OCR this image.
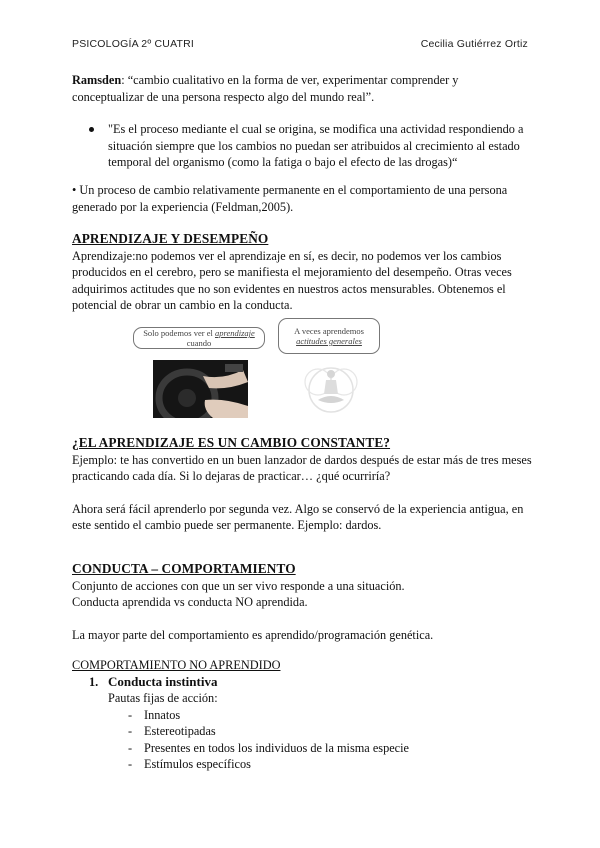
PSICOLOGÍA 2º CUATRI	Cecilia Gutiérrez Ortiz

Ramsden: “cambio cualitativo en la forma de ver, experimentar comprender y conceptualizar de una persona respecto algo del mundo real”.

"Es el proceso mediante el cual se origina, se modifica una actividad respondiendo a situación siempre que los cambios no puedan ser atribuidos al crecimiento al estado temporal del organismo (como la fatiga o bajo el efecto de las drogas)“

• Un proceso de cambio relativamente permanente en el comportamiento de una persona generado por la experiencia (Feldman,2005).

APRENDIZAJE Y DESEMPEÑO

Aprendizaje:no podemos ver el aprendizaje en sí, es decir, no podemos ver los cambios producidos en el cerebro, pero se manifiesta el mejoramiento del desempeño. Otras veces adquirimos actitudes que no son evidentes en nuestros actos mensurables. Obtenemos el potencial de obrar un cambio en la conducta.

Solo podemos ver el aprendizaje cuando
A veces aprendemos
actitudes generales
¿EL APRENDIZAJE ES UN CAMBIO CONSTANTE?

Ejemplo: te has convertido en un buen lanzador de dardos después de estar más de tres meses practicando cada día. Si lo dejaras de practicar… ¿qué ocurriría?

Ahora será fácil aprenderlo por segunda vez. Algo se conservó de la experiencia antigua, en este sentido el cambio puede ser permanente. Ejemplo: dardos.

CONDUCTA – COMPORTAMIENTO

Conjunto de acciones con que un ser vivo responde a una situación.

Conducta aprendida vs conducta NO aprendida.

La mayor parte del comportamiento es aprendido/programación genética.

COMPORTAMIENTO NO APRENDIDO
1. Conducta instintiva

Pautas fijas de acción:

- Innatos
- Estereotipadas
- Presentes en todos los individuos de la misma especie
- Estímulos específicos
